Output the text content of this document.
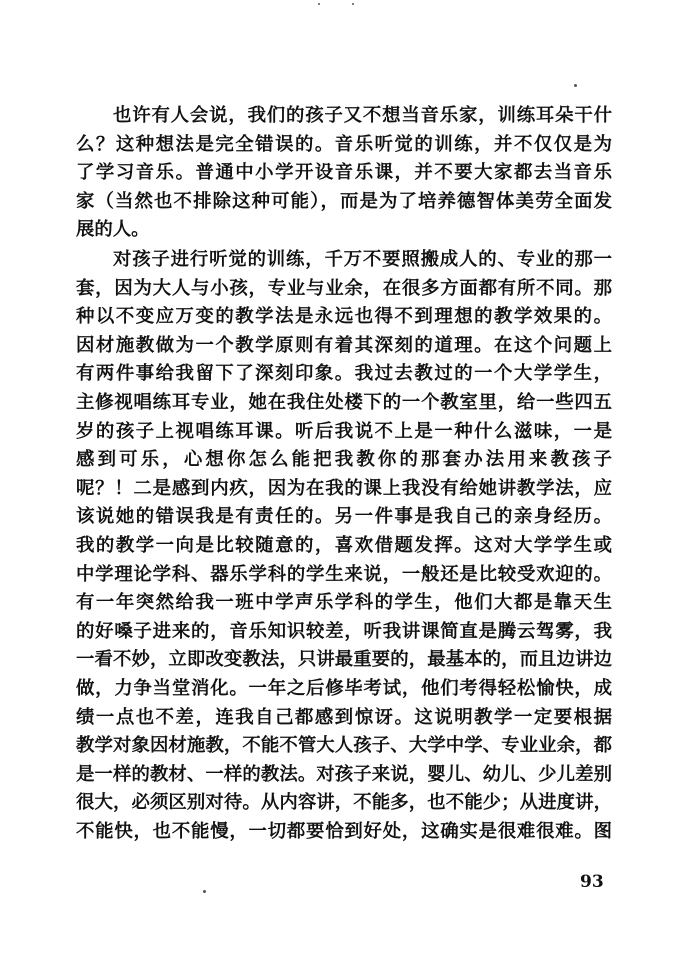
也许有人会说，我们的孩子又不想当音乐家，训练耳朵干什
么？这种想法是完全错误的。音乐听觉的训练，并不仅仅是为
了学习音乐。普通中小学开设音乐课，并不要大家都去当音乐
家（当然也不排除这种可能），而是为了培养德智体美劳全面发
展的人。
对孩子进行听觉的训练，千万不要照搬成人的、专业的那一
套，因为大人与小孩，专业与业余，在很多方面都有所不同。那
种以不变应万变的教学法是永远也得不到理想的教学效果的。
因材施教做为一个教学原则有着其深刻的道理。在这个问题上
有两件事给我留下了深刻印象。我过去教过的一个大学学生，
主修视唱练耳专业，她在我住处楼下的一个教室里，给一些四五
岁的孩子上视唱练耳课。听后我说不上是一种什么滋味，一是
感到可乐，心想你怎么能把我教你的那套办法用来教孩子
呢？！二是感到内疚，因为在我的课上我没有给她讲教学法，应
该说她的错误我是有责任的。另一件事是我自己的亲身经历。
我的教学一向是比较随意的，喜欢借题发挥。这对大学学生或
中学理论学科、器乐学科的学生来说，一般还是比较受欢迎的。
有一年突然给我一班中学声乐学科的学生，他们大都是靠天生
的好嗓子进来的，音乐知识较差，听我讲课简直是腾云驾雾，我
一看不妙，立即改变教法，只讲最重要的，最基本的，而且边讲边
做，力争当堂消化。一年之后修毕考试，他们考得轻松愉快，成
绩一点也不差，连我自己都感到惊讶。这说明教学一定要根据
教学对象因材施教，不能不管大人孩子、大学中学、专业业余，都
是一样的教材、一样的教法。对孩子来说，婴儿、幼儿、少儿差别
很大，必须区别对待。从内容讲，不能多，也不能少；从进度讲，
不能快，也不能慢，一切都要恰到好处，这确实是很难很难。图
93
